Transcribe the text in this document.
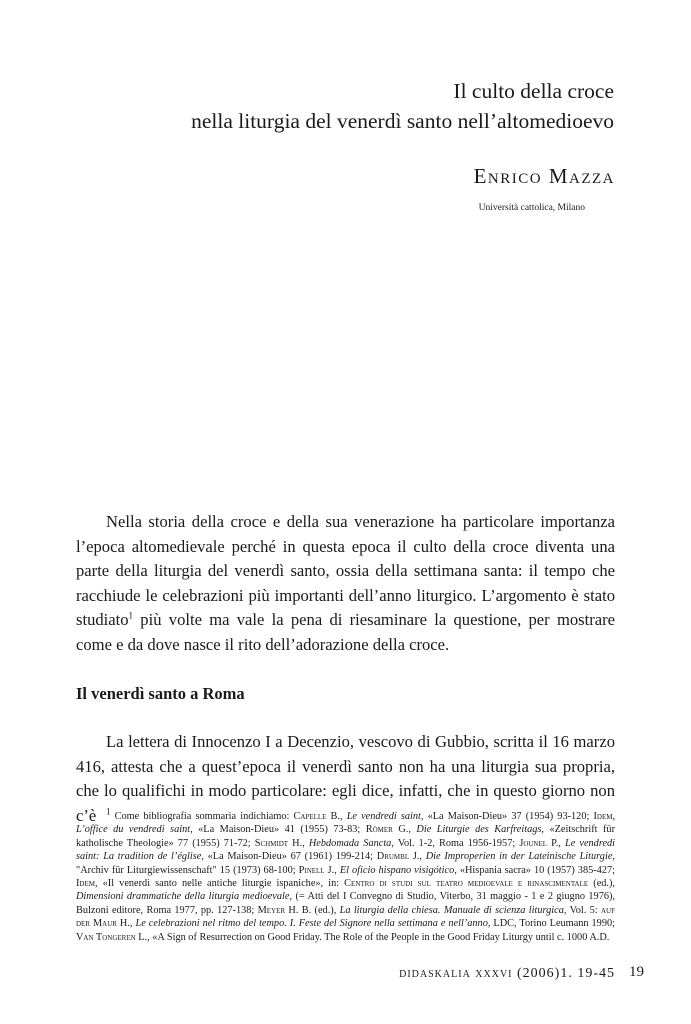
Il culto della croce
nella liturgia del venerdì santo nell’altomedioevo
Enrico Mazza
Università cattolica, Milano
Nella storia della croce e della sua venerazione ha particolare importanza l’epoca altomedievale perché in questa epoca il culto della croce diventa una parte della liturgia del venerdì santo, ossia della settimana santa: il tempo che racchiude le celebrazioni più importanti dell’anno liturgico. L’argomento è stato studiato$^1$ più volte ma vale la pena di riesaminare la questione, per mostrare come e da dove nasce il rito dell’adorazione della croce.
Il venerdì santo a Roma
La lettera di Innocenzo I a Decenzio, vescovo di Gubbio, scritta il 16 marzo 416, attesta che a quest’epoca il venerdì santo non ha una liturgia sua propria, che lo qualifichi in modo particolare: egli dice, infatti, che in questo giorno non c’è	$^1$ Come bibliografia sommaria indichiamo: Capelle B., Le vendredi saint, «La Maison-Dieu» 37 (1954) 93-120; Idem, L’office du vendredi saint, «La Maison-Dieu» 41 (1955) 73-83; Römer G., Die Liturgie des Karfreitags, «Zeitschrift für katholische Theologie» 77 (1955) 71-72; Schmidt H., Hebdomada Sancta, Vol. 1-2, Roma 1956-1957; Jounel P., Le vendredi saint: La tradition de l’église, «La Maison-Dieu» 67 (1961) 199-214; Drumbl J., Die Improperien in der Lateinische Liturgie, "Archiv für Liturgiewissenschaft" 15 (1973) 68-100; Pinell J., El oficio hispano visigótico, «Hispania sacra» 10 (1957) 385-427; Idem, «Il venerdì santo nelle antiche liturgie ispaniche», in: Centro di studi sul teatro medioevale e rinascimentale (ed.), Dimensioni drammatiche della liturgia medioevale, (= Atti del I Convegno di Studio, Viterbo, 31 maggio - 1 e 2 giugno 1976), Bulzoni editore, Roma 1977, pp. 127-138; Meyer H. B. (ed.), La liturgia della chiesa. Manuale di scienza liturgica, Vol. 5: auf der Maur H., Le celebrazioni nel ritmo del tempo. I. Feste del Signore nella settimana e nell’anno, LDC, Torino Leumann 1990; Van Tongeren L., «A Sign of Resurrection on Good Friday. The Role of the People in the Good Friday Liturgy until c. 1000 A.D.
didaskalia xxxvi (2006)1. 19-45 19
